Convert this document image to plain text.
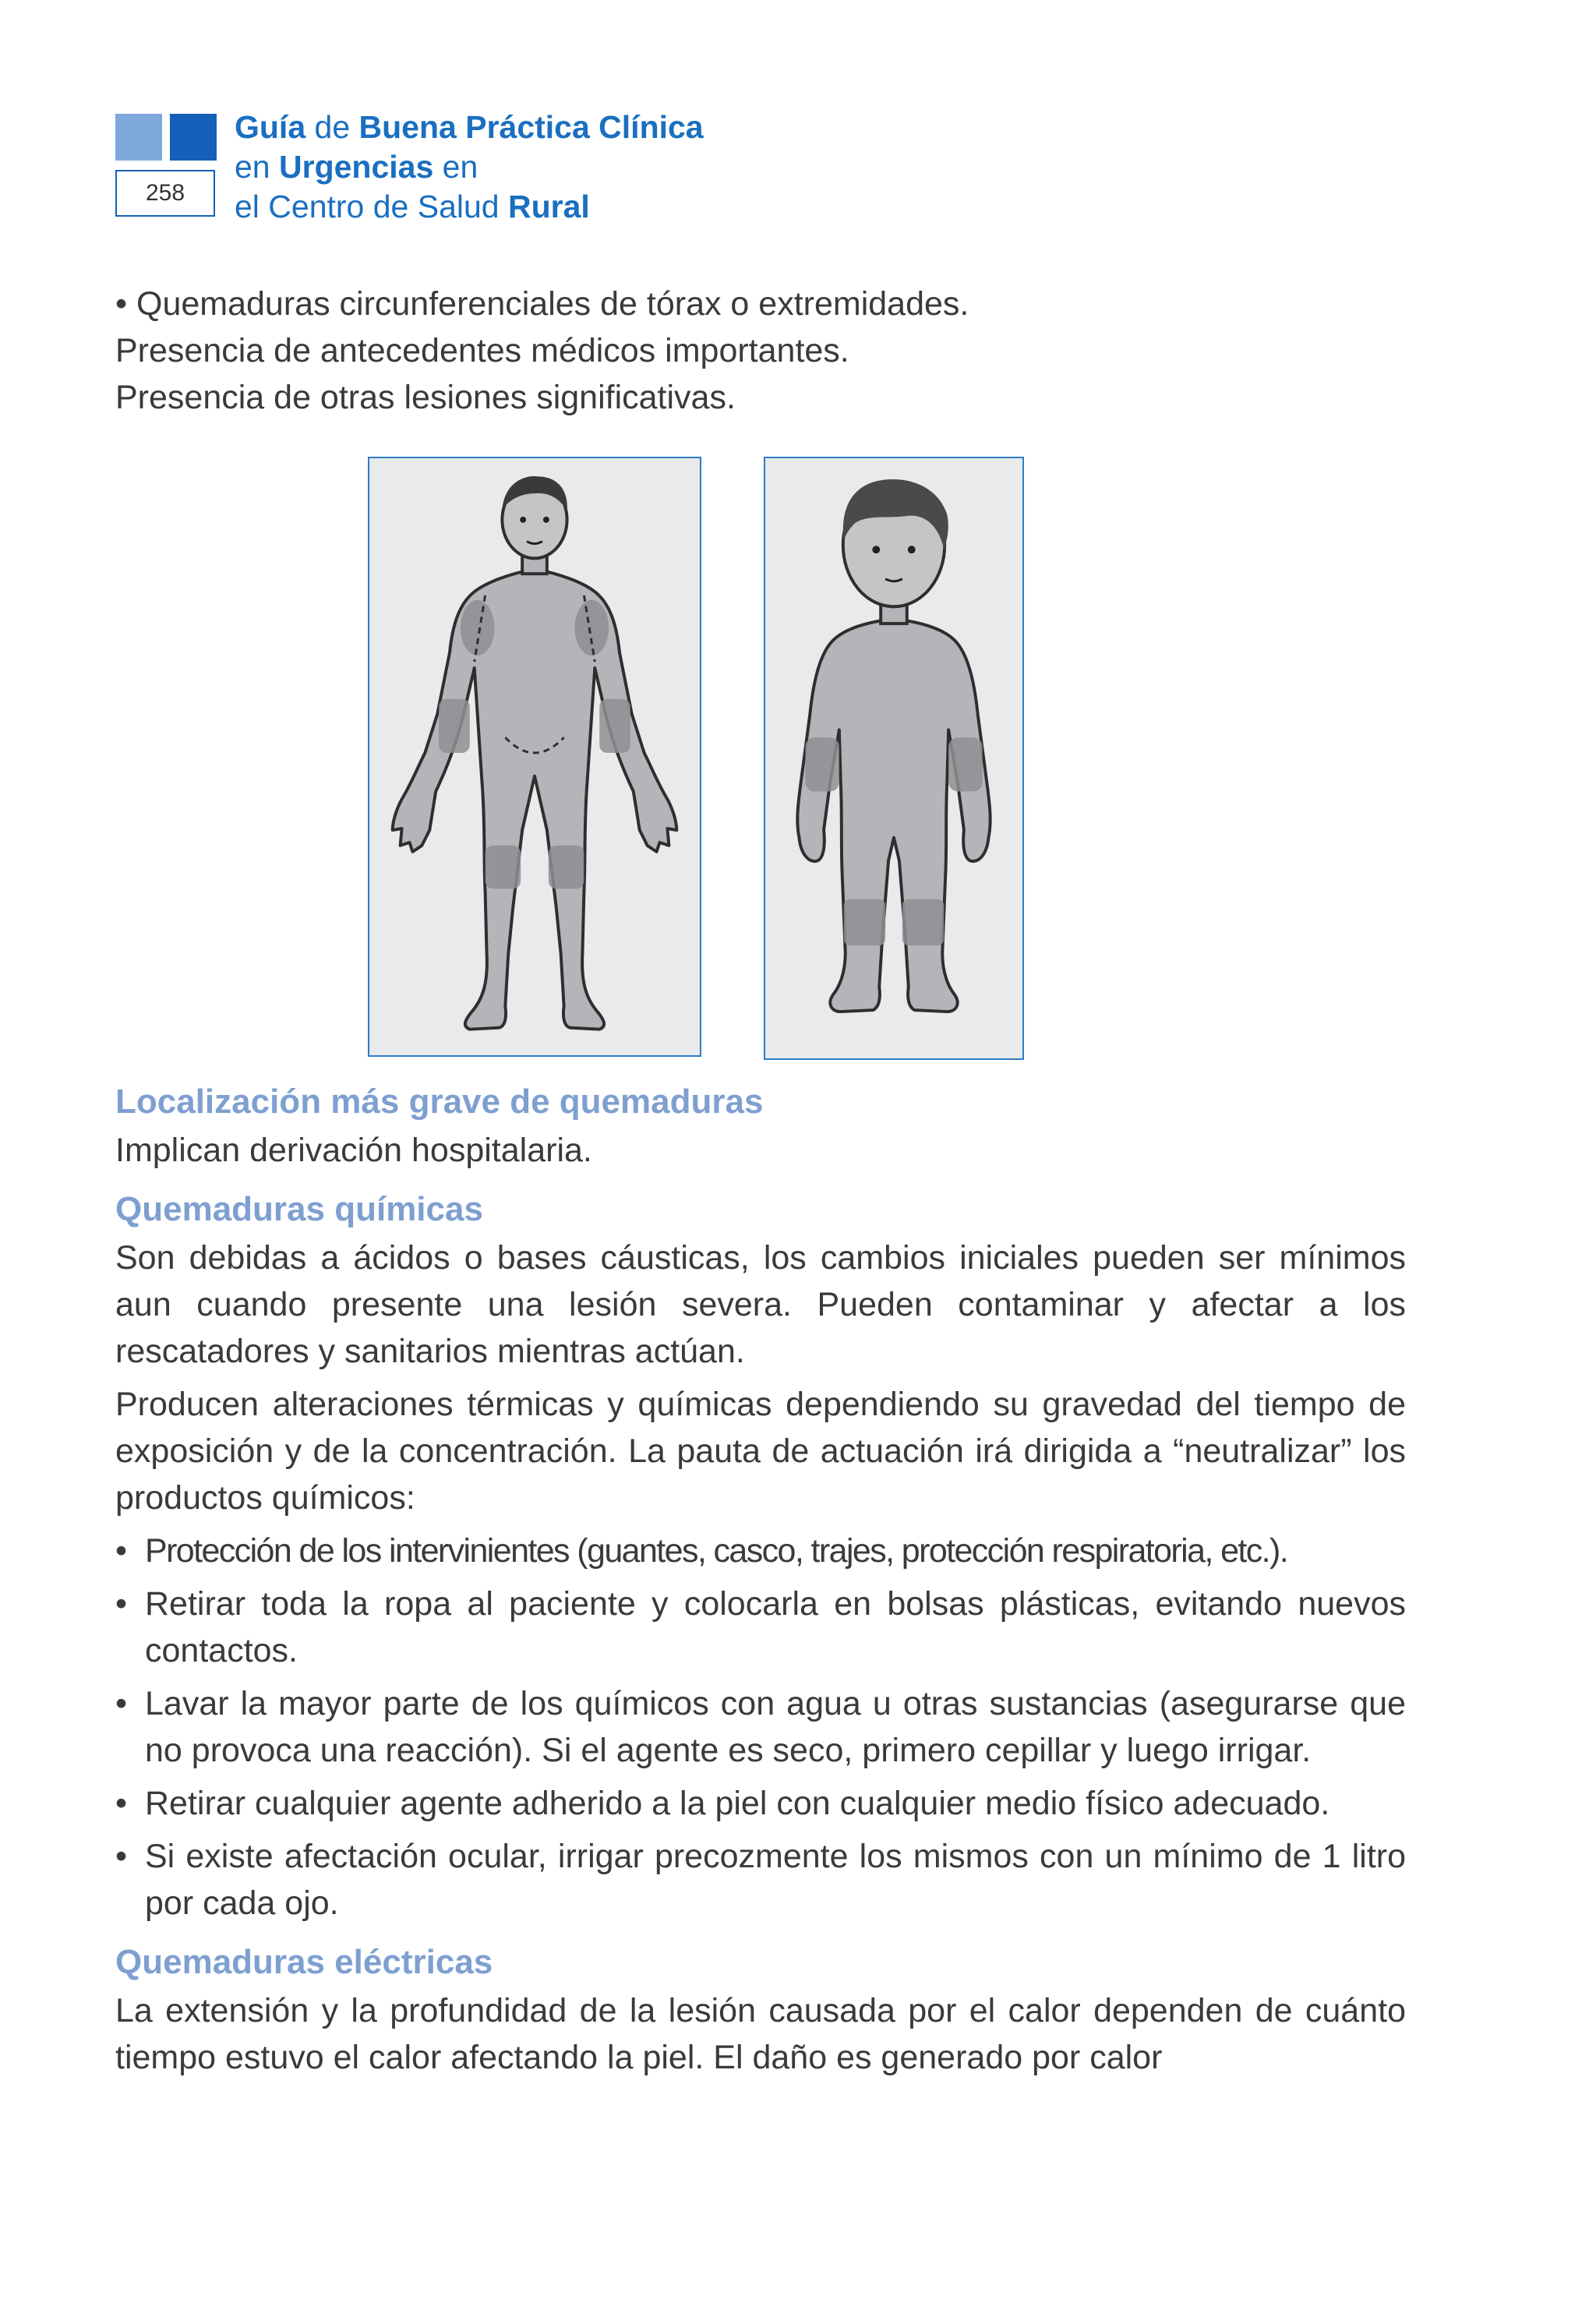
258
Guía de Buena Práctica Clínica
en Urgencias en
el Centro de Salud Rural

• Quemaduras circunferenciales de tórax o extremidades.

Presencia de antecedentes médicos importantes.

Presencia de otras lesiones significativas.

Localización más grave de quemaduras

Implican derivación hospitalaria.

Quemaduras químicas

Son debidas a ácidos o bases cáusticas, los cambios iniciales pueden ser mínimos aun cuando presente una lesión severa. Pueden contaminar y afectar a los rescatadores y sanitarios mientras actúan.

Producen alteraciones térmicas y químicas dependiendo su gravedad del tiempo de exposición y de la concentración. La pauta de actuación irá dirigida a “neutralizar” los productos químicos:

• Protección de los intervinientes (guantes, casco, trajes, protección respiratoria, etc.).
• Retirar toda la ropa al paciente y colocarla en bolsas plásticas, evitando nuevos contactos.
• Lavar la mayor parte de los químicos con agua u otras sustancias (asegurarse que no provoca una reacción). Si el agente es seco, primero cepillar y luego irrigar.
• Retirar cualquier agente adherido a la piel con cualquier medio físico adecuado.
• Si existe afectación ocular, irrigar precozmente los mismos con un mínimo de 1 litro por cada ojo.
Quemaduras eléctricas

La extensión y la profundidad de la lesión causada por el calor dependen de cuánto tiempo estuvo el calor afectando la piel. El daño es generado por calor
